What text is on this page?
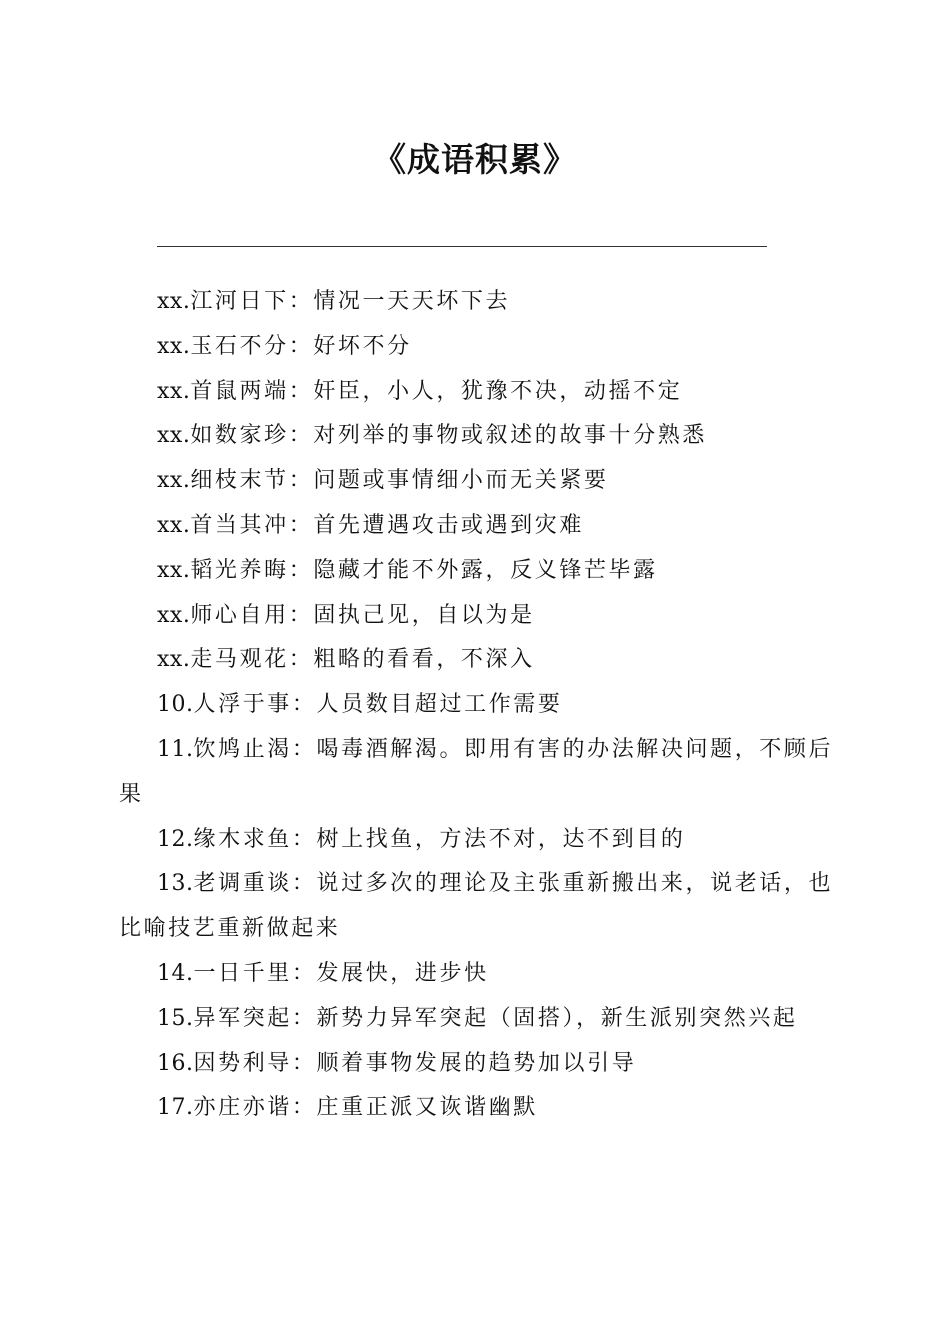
《成语积累》
xx.江河日下：情况一天天坏下去
xx.玉石不分：好坏不分
xx.首鼠两端：奸臣，小人，犹豫不决，动摇不定
xx.如数家珍：对列举的事物或叙述的故事十分熟悉
xx.细枝末节：问题或事情细小而无关紧要
xx.首当其冲：首先遭遇攻击或遇到灾难
xx.韬光养晦：隐藏才能不外露，反义锋芒毕露
xx.师心自用：固执己见，自以为是
xx.走马观花：粗略的看看，不深入
10.人浮于事：人员数目超过工作需要
11.饮鸠止渴：喝毒酒解渴。即用有害的办法解决问题，不顾后果
12.缘木求鱼：树上找鱼，方法不对，达不到目的
13.老调重谈：说过多次的理论及主张重新搬出来，说老话，也比喻技艺重新做起来
14.一日千里：发展快，进步快
15.异军突起：新势力异军突起（固搭），新生派别突然兴起
16.因势利导：顺着事物发展的趋势加以引导
17.亦庄亦谐：庄重正派又诙谐幽默
